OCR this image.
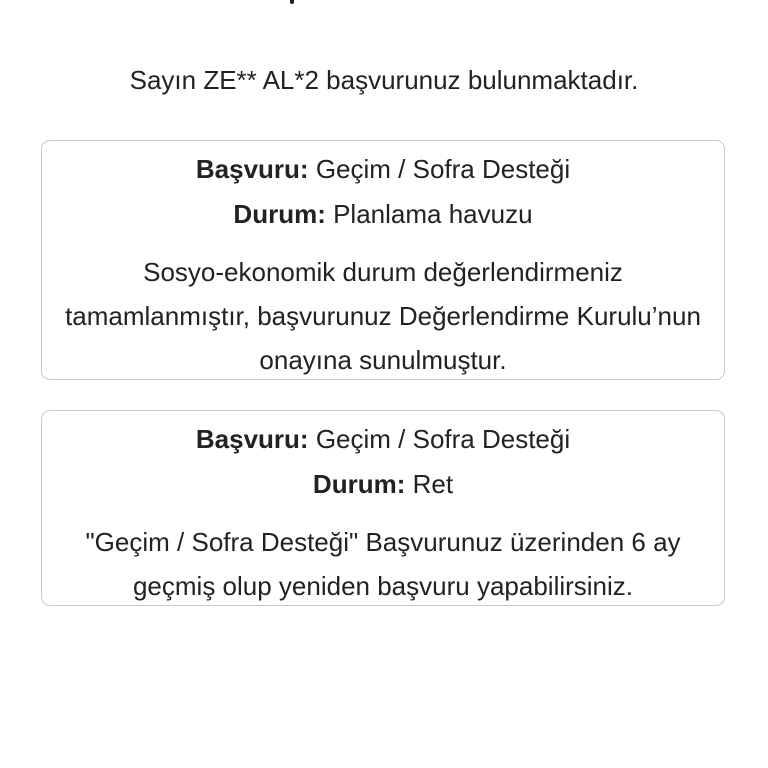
Sayın ZE** AL*2 başvurunuz bulunmaktadır.
Başvuru: Geçim / Sofra Desteği
Durum: Planlama havuzu
Sosyo-ekonomik durum değerlendirmeniz tamamlanmıştır, başvurunuz Değerlendirme Kurulu’nun onayına sunulmuştur.
Başvuru: Geçim / Sofra Desteği
Durum: Ret
"Geçim / Sofra Desteği" Başvurunuz üzerinden 6 ay geçmiş olup yeniden başvuru yapabilirsiniz.
